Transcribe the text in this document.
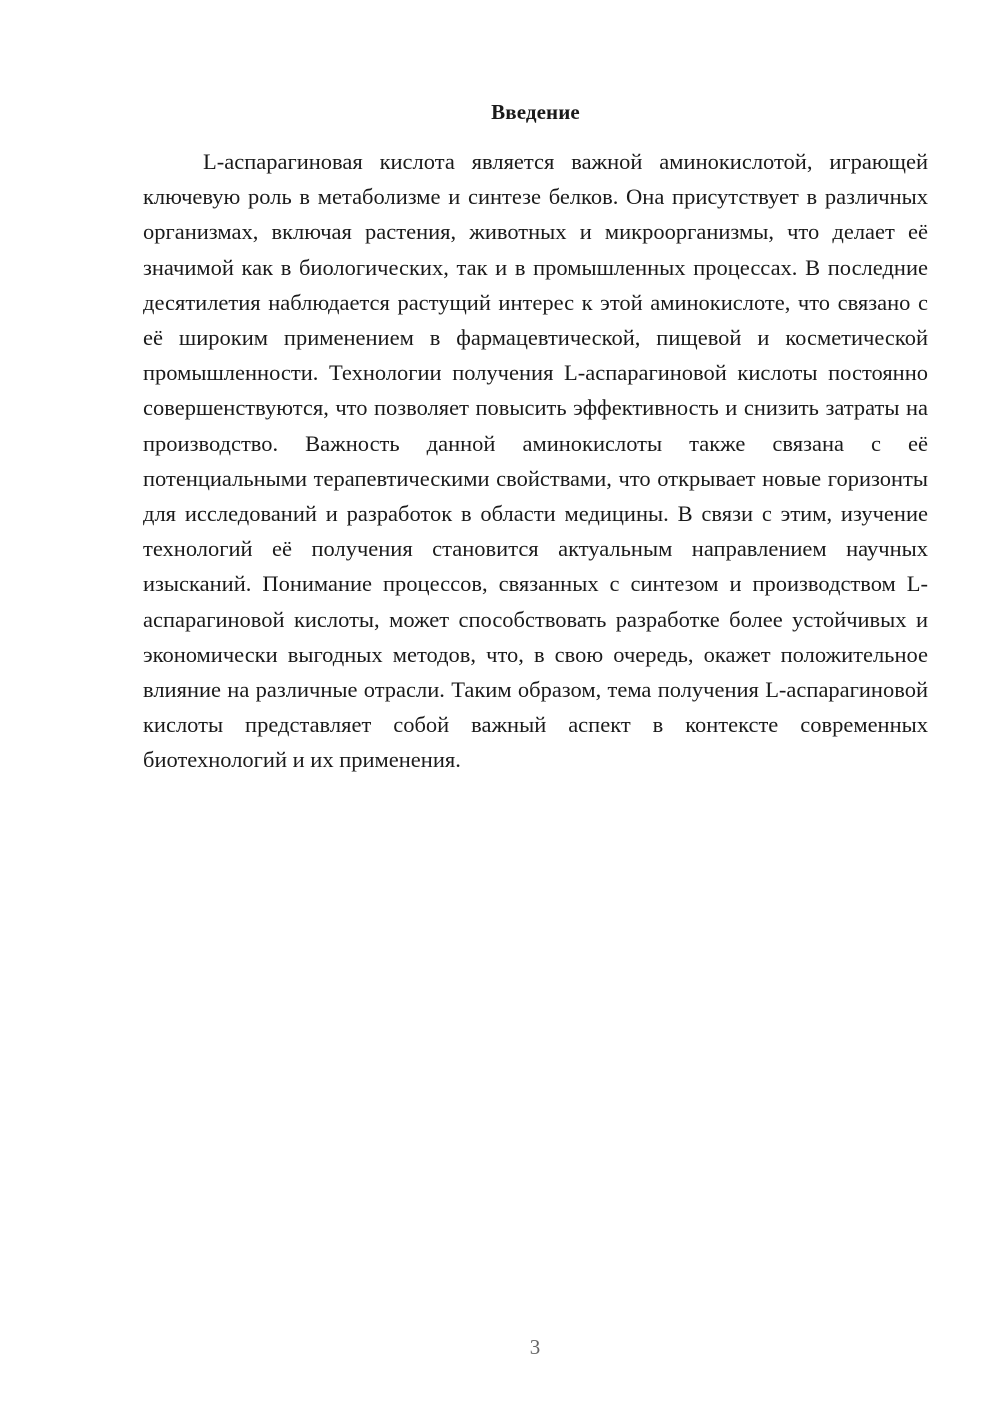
Введение

L-аспарагиновая кислота является важной аминокислотой, играющей ключевую роль в метаболизме и синтезе белков. Она присутствует в различных организмах, включая растения, животных и микроорганизмы, что делает её значимой как в биологических, так и в промышленных процессах. В последние десятилетия наблюдается растущий интерес к этой аминокислоте, что связано с её широким применением в фармацевтической, пищевой и косметической промышленности. Технологии получения L-аспарагиновой кислоты постоянно совершенствуются, что позволяет повысить эффективность и снизить затраты на производство. Важность данной аминокислоты также связана с её потенциальными терапевтическими свойствами, что открывает новые горизонты для исследований и разработок в области медицины. В связи с этим, изучение технологий её получения становится актуальным направлением научных изысканий. Понимание процессов, связанных с синтезом и производством L-аспарагиновой кислоты, может способствовать разработке более устойчивых и экономически выгодных методов, что, в свою очередь, окажет положительное влияние на различные отрасли. Таким образом, тема получения L-аспарагиновой кислоты представляет собой важный аспект в контексте современных биотехнологий и их применения.

3
